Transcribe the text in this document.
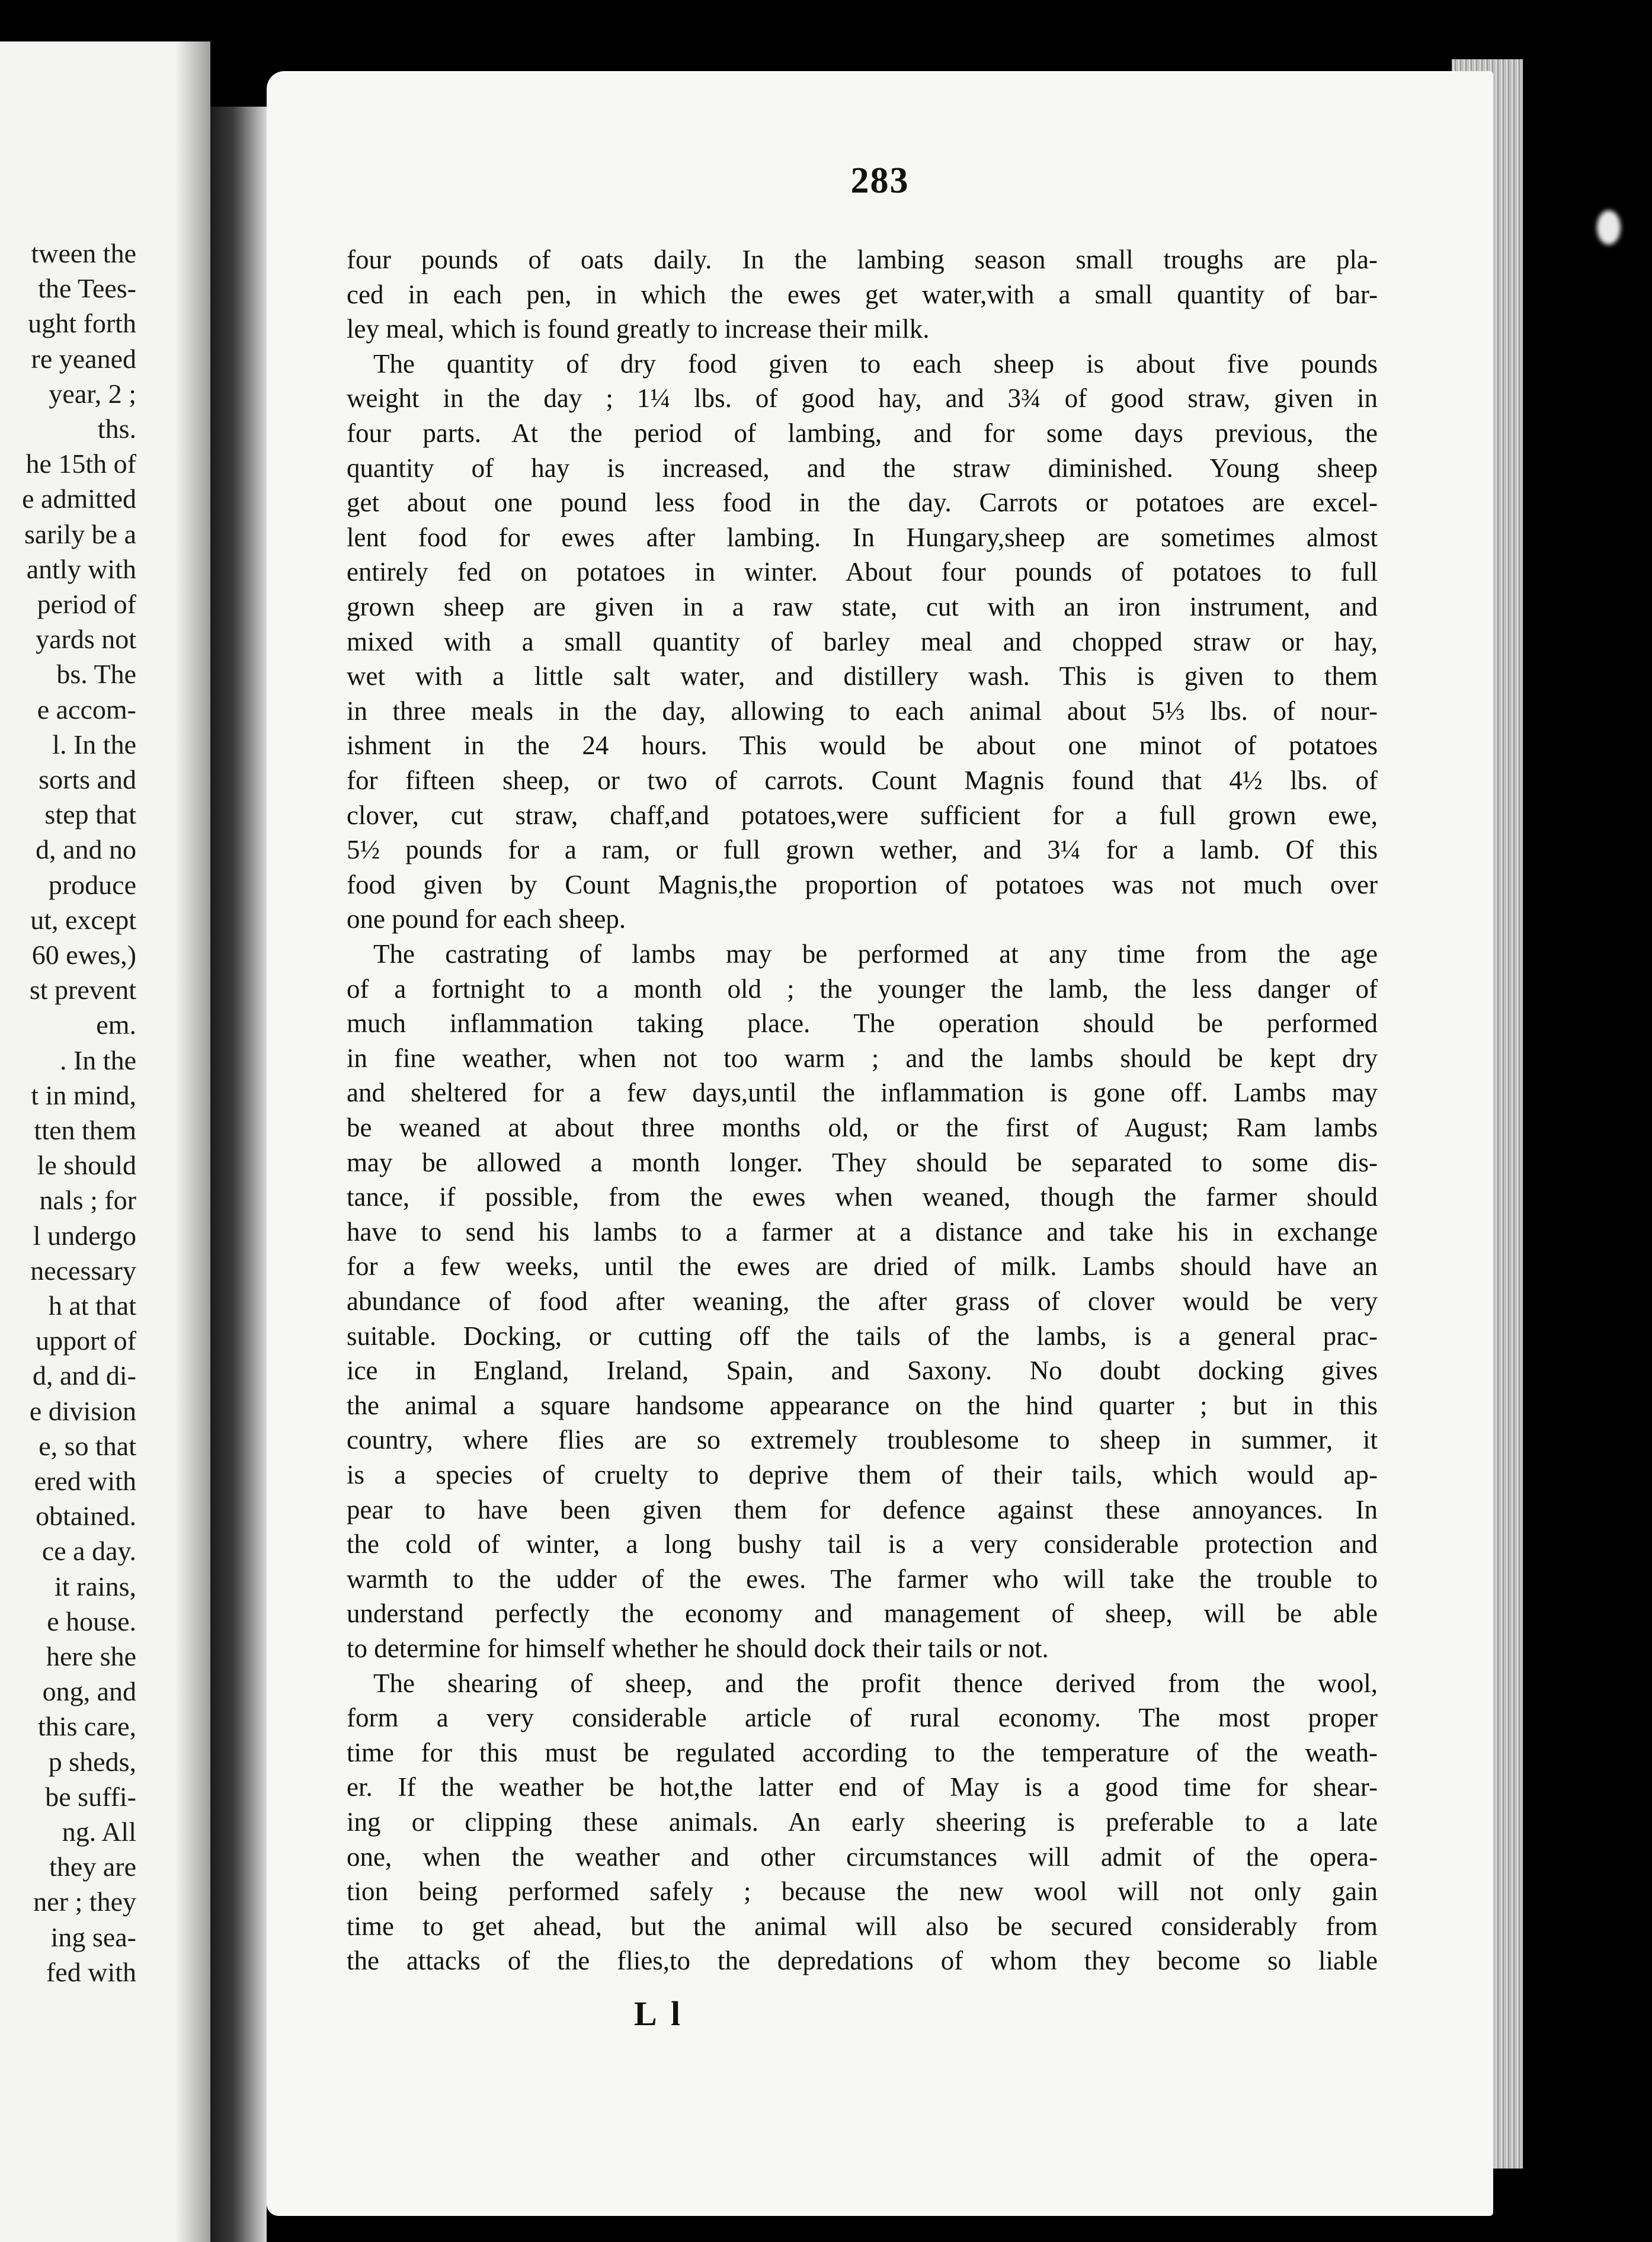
tween the
the Tees-
ught forth
re yeaned
year, 2 ;
ths.
he 15th of
e admitted
sarily be a
antly with
period of
yards not
bs. The
e accom-
l. In the
sorts and
step that
d, and no
produce
ut, except
60 ewes,)
st prevent
em.
. In the
t in mind,
tten them
le should
nals ; for
l undergo
necessary
h at that
upport of
d, and di-
e division
e, so that
ered with
obtained.
ce a day.
it rains,
e house.
here she
ong, and
this care,
p sheds,
be suffi-
ng. All
they are
ner ; they
ing sea-
fed with
283
four pounds of oats daily. In the lambing season small troughs are pla-
ced in each pen, in which the ewes get water,with a small quantity of bar-
ley meal, which is found greatly to increase their milk.
The quantity of dry food given to each sheep is about five pounds
weight in the day ; 1¼ lbs. of good hay, and 3¾ of good straw, given in
four parts. At the period of lambing, and for some days previous, the
quantity of hay is increased, and the straw diminished. Young sheep
get about one pound less food in the day. Carrots or potatoes are excel-
lent food for ewes after lambing. In Hungary,sheep are sometimes almost
entirely fed on potatoes in winter. About four pounds of potatoes to full
grown sheep are given in a raw state, cut with an iron instrument, and
mixed with a small quantity of barley meal and chopped straw or hay,
wet with a little salt water, and distillery wash. This is given to them
in three meals in the day, allowing to each animal about 5⅓ lbs. of nour-
ishment in the 24 hours. This would be about one minot of potatoes
for fifteen sheep, or two of carrots. Count Magnis found that 4½ lbs. of
clover, cut straw, chaff,and potatoes,were sufficient for a full grown ewe,
5½ pounds for a ram, or full grown wether, and 3¼ for a lamb. Of this
food given by Count Magnis,the proportion of potatoes was not much over
one pound for each sheep.
The castrating of lambs may be performed at any time from the age
of a fortnight to a month old ; the younger the lamb, the less danger of
much inflammation taking place. The operation should be performed
in fine weather, when not too warm ; and the lambs should be kept dry
and sheltered for a few days,until the inflammation is gone off. Lambs may
be weaned at about three months old, or the first of August; Ram lambs
may be allowed a month longer. They should be separated to some dis-
tance, if possible, from the ewes when weaned, though the farmer should
have to send his lambs to a farmer at a distance and take his in exchange
for a few weeks, until the ewes are dried of milk. Lambs should have an
abundance of food after weaning, the after grass of clover would be very
suitable. Docking, or cutting off the tails of the lambs, is a general prac-
ice in England, Ireland, Spain, and Saxony. No doubt docking gives
the animal a square handsome appearance on the hind quarter ; but in this
country, where flies are so extremely troublesome to sheep in summer, it
is a species of cruelty to deprive them of their tails, which would ap-
pear to have been given them for defence against these annoyances. In
the cold of winter, a long bushy tail is a very considerable protection and
warmth to the udder of the ewes. The farmer who will take the trouble to
understand perfectly the economy and management of sheep, will be able
to determine for himself whether he should dock their tails or not.
The shearing of sheep, and the profit thence derived from the wool,
form a very considerable article of rural economy. The most proper
time for this must be regulated according to the temperature of the weath-
er. If the weather be hot,the latter end of May is a good time for shear-
ing or clipping these animals. An early sheering is preferable to a late
one, when the weather and other circumstances will admit of the opera-
tion being performed safely ; because the new wool will not only gain
time to get ahead, but the animal will also be secured considerably from
the attacks of the flies,to the depredations of whom they become so liable
L l
